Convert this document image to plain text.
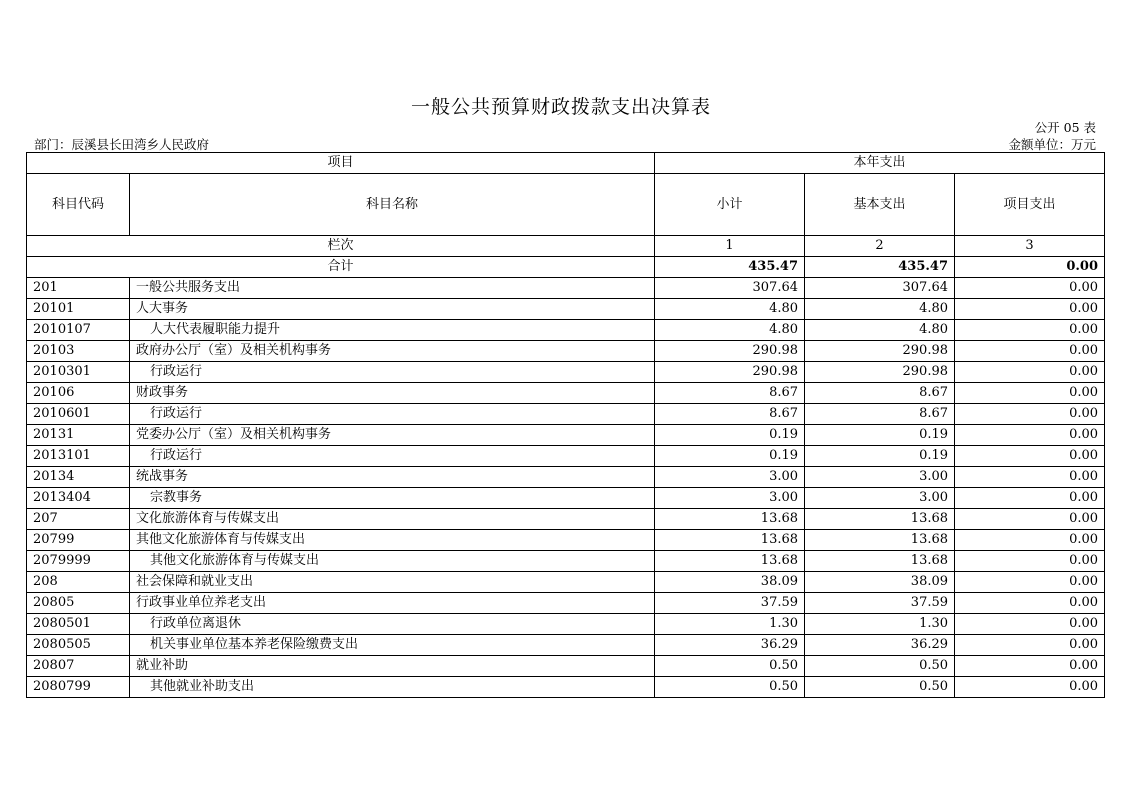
一般公共预算财政拨款支出决算表
公开 05 表
部门：辰溪县长田湾乡人民政府	金额单位：万元
项目		本年支出		
科目代码	科目名称	小计	基本支出	项目支出
栏次		1	2	3
合计		435.47	435.47	0.00
201	一般公共服务支出	307.64	307.64	0.00
20101	人大事务	4.80	4.80	0.00
2010107	人大代表履职能力提升	4.80	4.80	0.00
20103	政府办公厅（室）及相关机构事务	290.98	290.98	0.00
2010301	行政运行	290.98	290.98	0.00
20106	财政事务	8.67	8.67	0.00
2010601	行政运行	8.67	8.67	0.00
20131	党委办公厅（室）及相关机构事务	0.19	0.19	0.00
2013101	行政运行	0.19	0.19	0.00
20134	统战事务	3.00	3.00	0.00
2013404	宗教事务	3.00	3.00	0.00
207	文化旅游体育与传媒支出	13.68	13.68	0.00
20799	其他文化旅游体育与传媒支出	13.68	13.68	0.00
2079999	其他文化旅游体育与传媒支出	13.68	13.68	0.00
208	社会保障和就业支出	38.09	38.09	0.00
20805	行政事业单位养老支出	37.59	37.59	0.00
2080501	行政单位离退休	1.30	1.30	0.00
2080505	机关事业单位基本养老保险缴费支出	36.29	36.29	0.00
20807	就业补助	0.50	0.50	0.00
2080799	其他就业补助支出	0.50	0.50	0.00
